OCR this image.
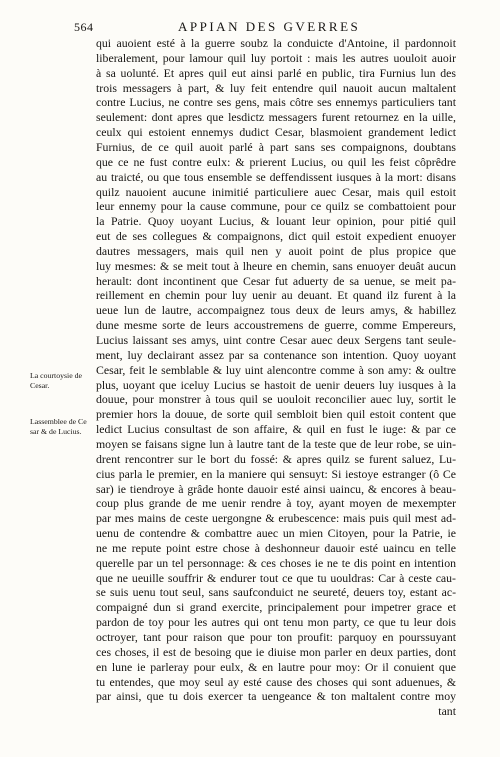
564	APPIAN DES GVERRES
La courtoysie de
Cesar.
Lassemblee de Ce
sar & de Lucius.
qui auoient esté à la guerre soubz la conduicte d'Antoine, il pardonnoit
liberalement, pour lamour quil luy portoit : mais les autres uouloit auoir
à sa uolunté. Et apres quil eut ainsi parlé en public, tira Furnius lun des
trois messagers à part, & luy feit entendre quil nauoit aucun maltalent
contre Lucius, ne contre ses gens, mais côtre ses ennemys particuliers tant
seulement: dont apres que lesdictz messagers furent retournez en la uille,
ceulx qui estoient ennemys dudict Cesar, blasmoient grandement ledict
Furnius, de ce quil auoit parlé à part sans ses compaignons, doubtans
que ce ne fust contre eulx: & prierent Lucius, ou quil les feist côprêdre
au traicté, ou que tous ensemble se deffendissent iusques à la mort: disans
quilz nauoient aucune inimitié particuliere auec Cesar, mais quil estoit
leur ennemy pour la cause commune, pour ce quilz se combattoient pour
la Patrie. Quoy uoyant Lucius, & louant leur opinion, pour pitié quil
eut de ses collegues & compaignons, dict quil estoit expedient enuoyer
dautres messagers, mais quil nen y auoit point de plus propice que
luy mesmes: & se meit tout à lheure en chemin, sans enuoyer deuât aucun
herault: dont incontinent que Cesar fut aduerty de sa uenue, se meit pa-
reillement en chemin pour luy uenir au deuant. Et quand ilz furent à la
ueue lun de lautre, accompaignez tous deux de leurs amys, & habillez
dune mesme sorte de leurs accoustremens de guerre, comme Empereurs,
Lucius laissant ses amys, uint contre Cesar auec deux Sergens tant seule-
ment, luy declairant assez par sa contenance son intention. Quoy uoyant
Cesar, feit le semblable & luy uint alencontre comme à son amy: & oultre
plus, uoyant que iceluy Lucius se hastoit de uenir deuers luy iusques à la
douue, pour monstrer à tous quil se uouloit reconcilier auec luy, sortit le
premier hors la douue, de sorte quil sembloit bien quil estoit content que
ledict Lucius consultast de son affaire, & quil en fust le iuge: & par ce
moyen se faisans signe lun à lautre tant de la teste que de leur robe, se uin-
drent rencontrer sur le bort du fossé: & apres quilz se furent saluez, Lu-
cius parla le premier, en la maniere qui sensuyt: Si iestoye estranger (ô Ce
sar) ie tiendroye à grâde honte dauoir esté ainsi uaincu, & encores à beau-
coup plus grande de me uenir rendre à toy, ayant moyen de mexempter
par mes mains de ceste uergongne & erubescence: mais puis quil mest ad-
uenu de contendre & combattre auec un mien Citoyen, pour la Patrie, ie
ne me repute point estre chose à deshonneur dauoir esté uaincu en telle
querelle par un tel personnage: & ces choses ie ne te dis point en intention
que ne ueuille souffrir & endurer tout ce que tu uouldras: Car à ceste cau-
se suis uenu tout seul, sans saufconduict ne seureté, deuers toy, estant ac-
compaigné dun si grand exercite, principalement pour impetrer grace et
pardon de toy pour les autres qui ont tenu mon party, ce que tu leur dois
octroyer, tant pour raison que pour ton proufit: parquoy en pourssuyant
ces choses, il est de besoing que ie diuise mon parler en deux parties, dont
en lune ie parleray pour eulx, & en lautre pour moy: Or il conuient que
tu entendes, que moy seul ay esté cause des choses qui sont aduenues, &
par ainsi, que tu dois exercer ta uengeance & ton maltalent contre moy
tant
